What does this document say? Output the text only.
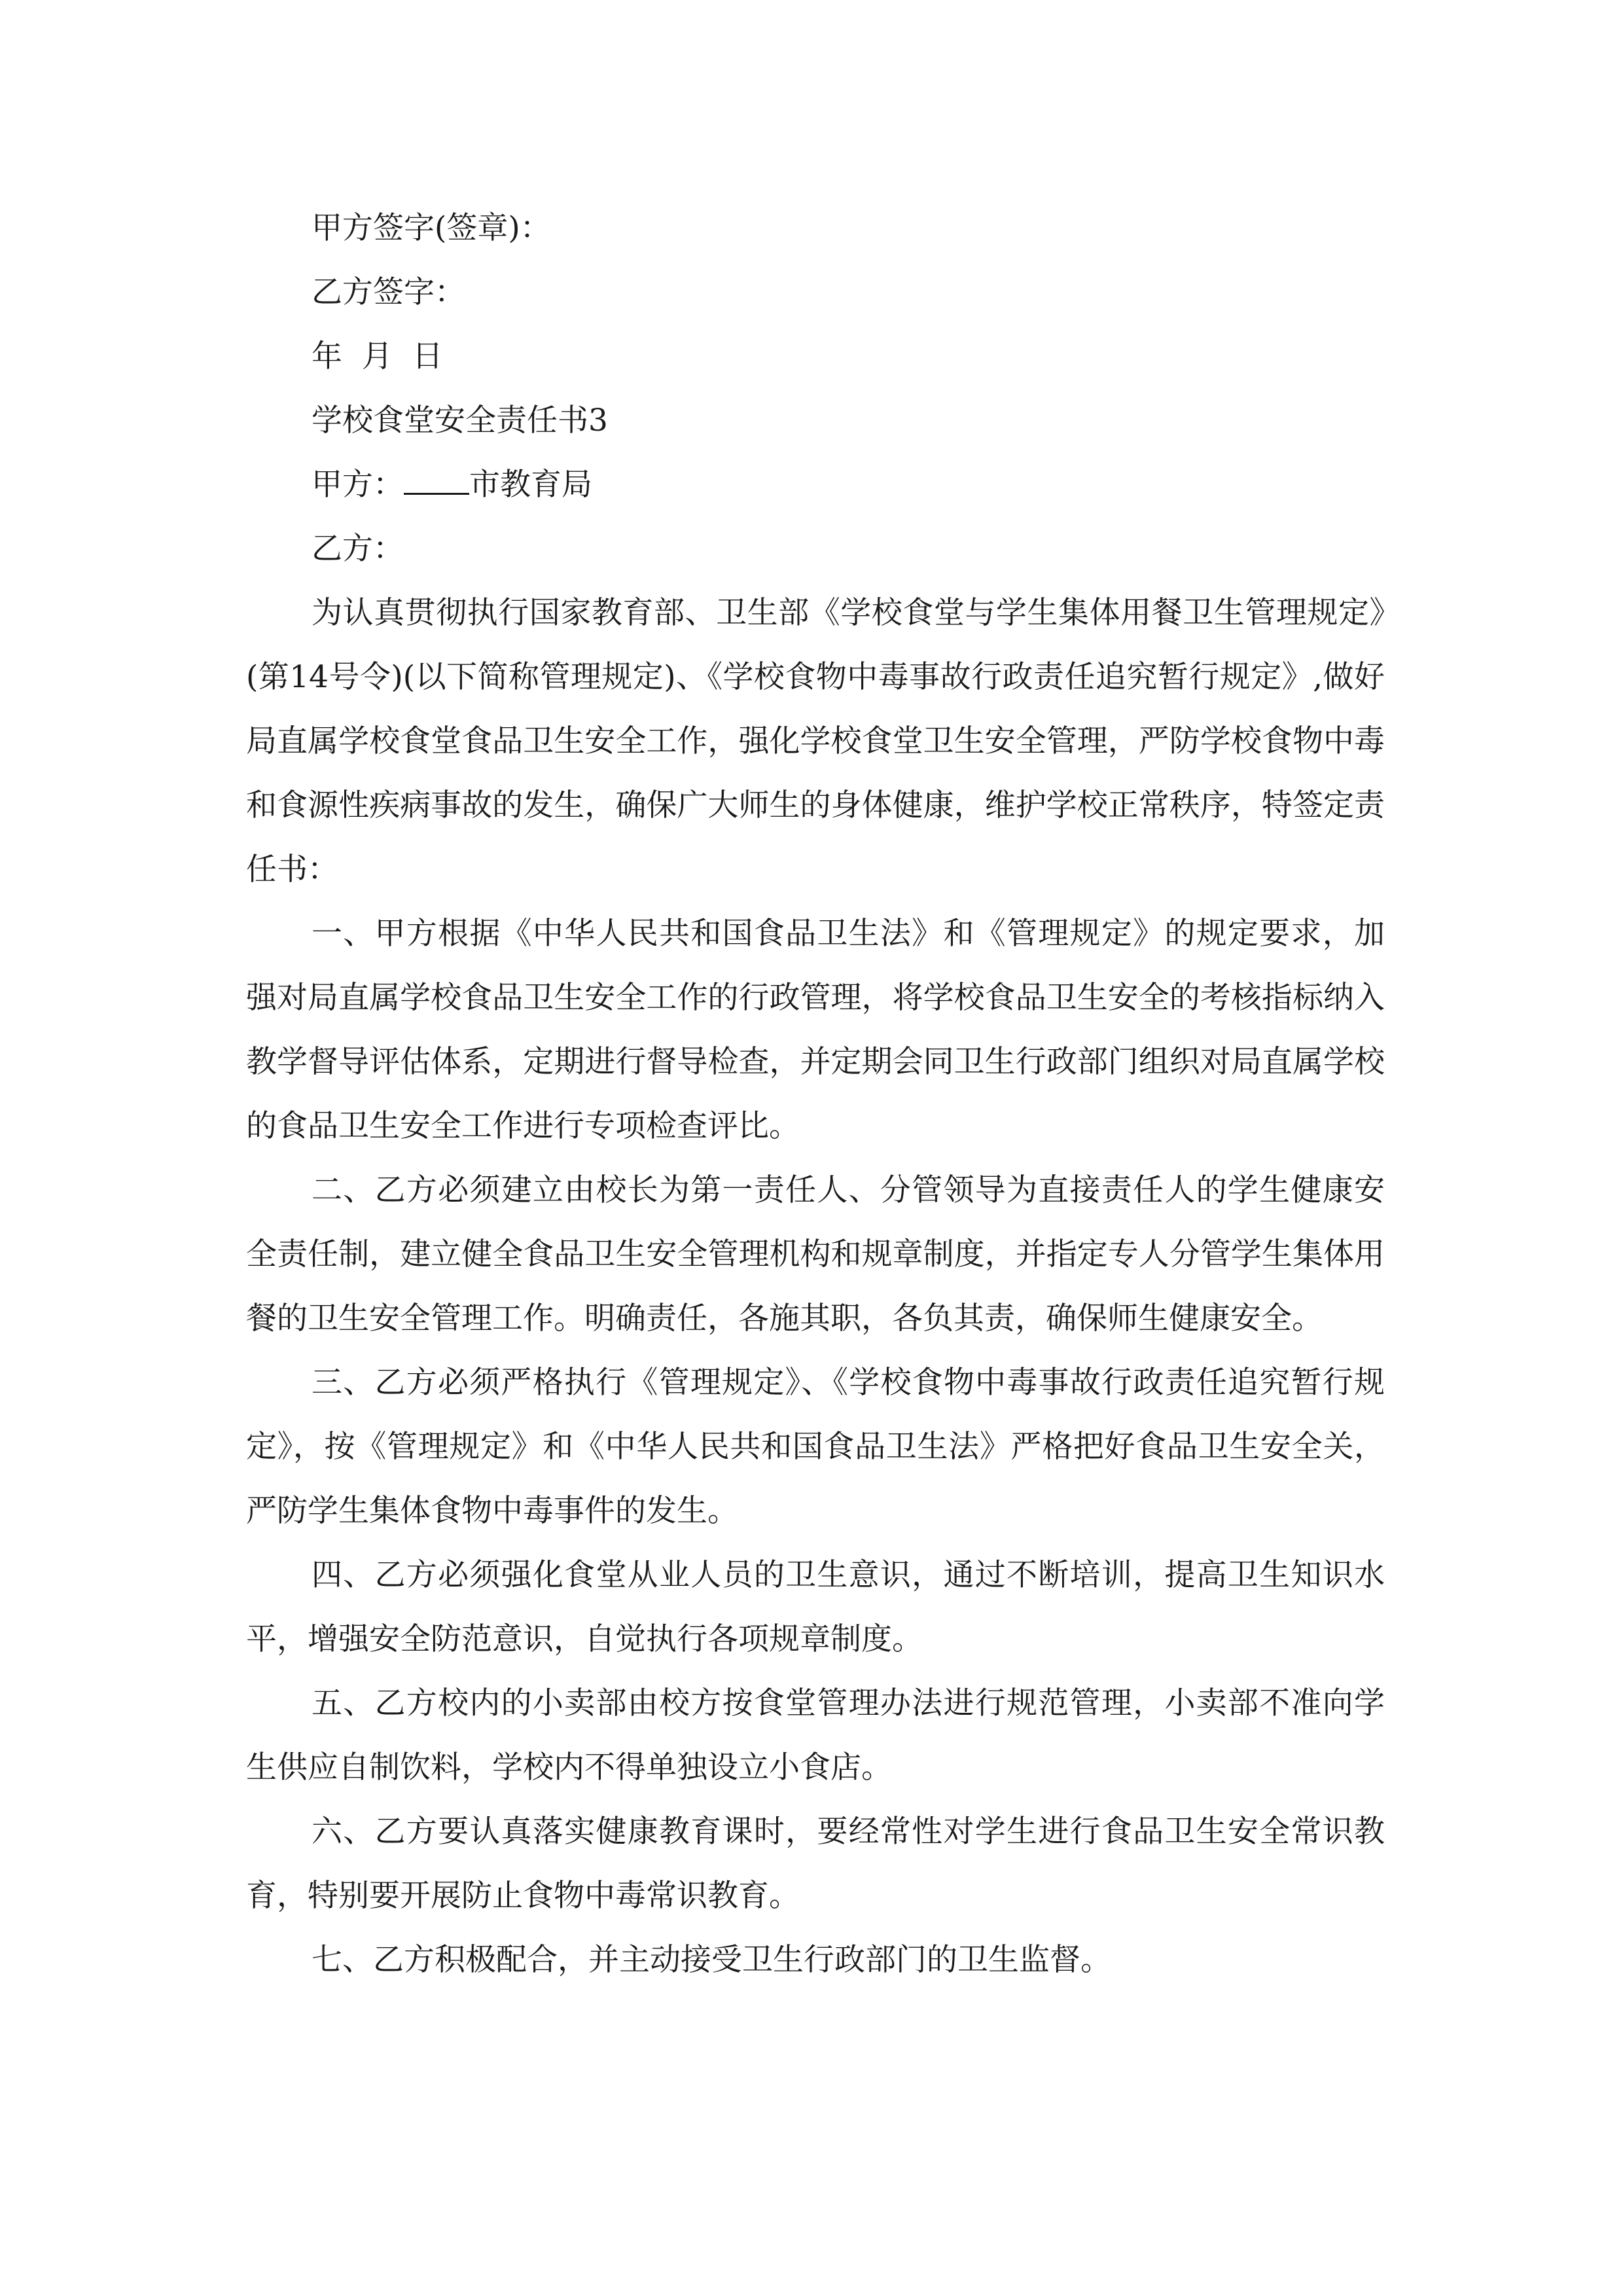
甲方签字(签章)：

乙方签字：

年  月  日

学校食堂安全责任书3

甲方： 市教育局

乙方：

为认真贯彻执行国家教育部、卫生部《学校食堂与学生集体用餐卫生管理规定》(第14号令)(以下简称管理规定)、《学校食物中毒事故行政责任追究暂行规定》,做好局直属学校食堂食品卫生安全工作，强化学校食堂卫生安全管理，严防学校食物中毒和食源性疾病事故的发生，确保广大师生的身体健康，维护学校正常秩序，特签定责任书：

一、甲方根据《中华人民共和国食品卫生法》和《管理规定》的规定要求，加强对局直属学校食品卫生安全工作的行政管理，将学校食品卫生安全的考核指标纳入教学督导评估体系，定期进行督导检查，并定期会同卫生行政部门组织对局直属学校的食品卫生安全工作进行专项检查评比。

二、乙方必须建立由校长为第一责任人、分管领导为直接责任人的学生健康安全责任制，建立健全食品卫生安全管理机构和规章制度，并指定专人分管学生集体用餐的卫生安全管理工作。明确责任，各施其职，各负其责，确保师生健康安全。

三、乙方必须严格执行《管理规定》、《学校食物中毒事故行政责任追究暂行规定》，按《管理规定》和《中华人民共和国食品卫生法》严格把好食品卫生安全关，严防学生集体食物中毒事件的发生。

四、乙方必须强化食堂从业人员的卫生意识，通过不断培训，提高卫生知识水平，增强安全防范意识，自觉执行各项规章制度。

五、乙方校内的小卖部由校方按食堂管理办法进行规范管理，小卖部不准向学生供应自制饮料，学校内不得单独设立小食店。

六、乙方要认真落实健康教育课时，要经常性对学生进行食品卫生安全常识教育，特别要开展防止食物中毒常识教育。

七、乙方积极配合，并主动接受卫生行政部门的卫生监督。
